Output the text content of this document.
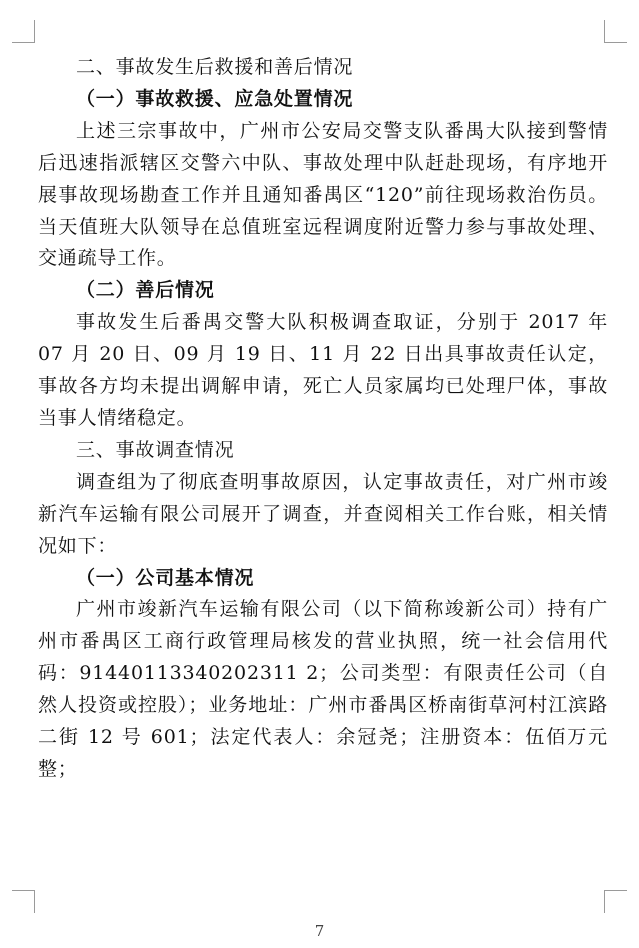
二、事故发生后救援和善后情况

（一）事故救援、应急处置情况

上述三宗事故中，广州市公安局交警支队番禺大队接到警情后迅速指派辖区交警六中队、事故处理中队赶赴现场，有序地开展事故现场勘查工作并且通知番禺区“120”前往现场救治伤员。当天值班大队领导在总值班室远程调度附近警力参与事故处理、交通疏导工作。

（二）善后情况

事故发生后番禺交警大队积极调查取证，分别于 2017 年 07 月 20 日、09 月 19 日、11 月 22 日出具事故责任认定，事故各方均未提出调解申请，死亡人员家属均已处理尸体，事故当事人情绪稳定。

三、事故调查情况

调查组为了彻底查明事故原因，认定事故责任，对广州市竣新汽车运输有限公司展开了调查，并查阅相关工作台账，相关情况如下：

（一）公司基本情况

广州市竣新汽车运输有限公司（以下简称竣新公司）持有广州市番禺区工商行政管理局核发的营业执照，统一社会信用代码：91440113340202311 2；公司类型：有限责任公司（自然人投资或控股）；业务地址：广州市番禺区桥南街草河村江滨路二街 12 号 601；法定代表人：余冠尧；注册资本：伍佰万元整；

7
